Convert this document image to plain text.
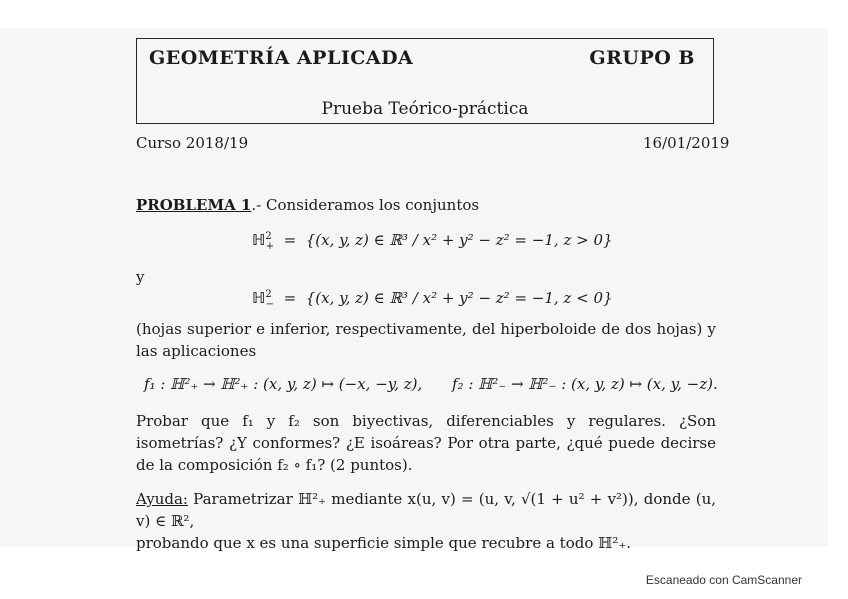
GEOMETRÍA APLICADA	GRUPO B
Prueba Teórico-práctica
Curso 2018/19	16/01/2019
PROBLEMA 1.- Consideramos los conjuntos
ℍ$^2_+$  =  {(x, y, z) ∈ ℝ³ / x² + y² − z² = −1, z > 0}
y
ℍ$^2_-$  =  {(x, y, z) ∈ ℝ³ / x² + y² − z² = −1, z < 0}
(hojas superior e inferior, respectivamente, del hiperboloide de dos hojas) y las aplicaciones
f₁ : ℍ²₊ → ℍ²₊ : (x, y, z) ↦ (−x, −y, z), f₂ : ℍ²₋ → ℍ²₋ : (x, y, z) ↦ (x, y, −z).
Probar que f₁ y f₂ son biyectivas, diferenciables y regulares. ¿Son isometrías? ¿Y conformes? ¿E isoáreas? Por otra parte, ¿qué puede decirse de la composición f₂ ∘ f₁? (2 puntos).
Ayuda: Parametrizar ℍ²₊ mediante x(u, v) = (u, v, √(1 + u² + v²)), donde (u, v) ∈ ℝ²,
probando que x es una superficie simple que recubre a todo ℍ²₊.
Escaneado con CamScanner
